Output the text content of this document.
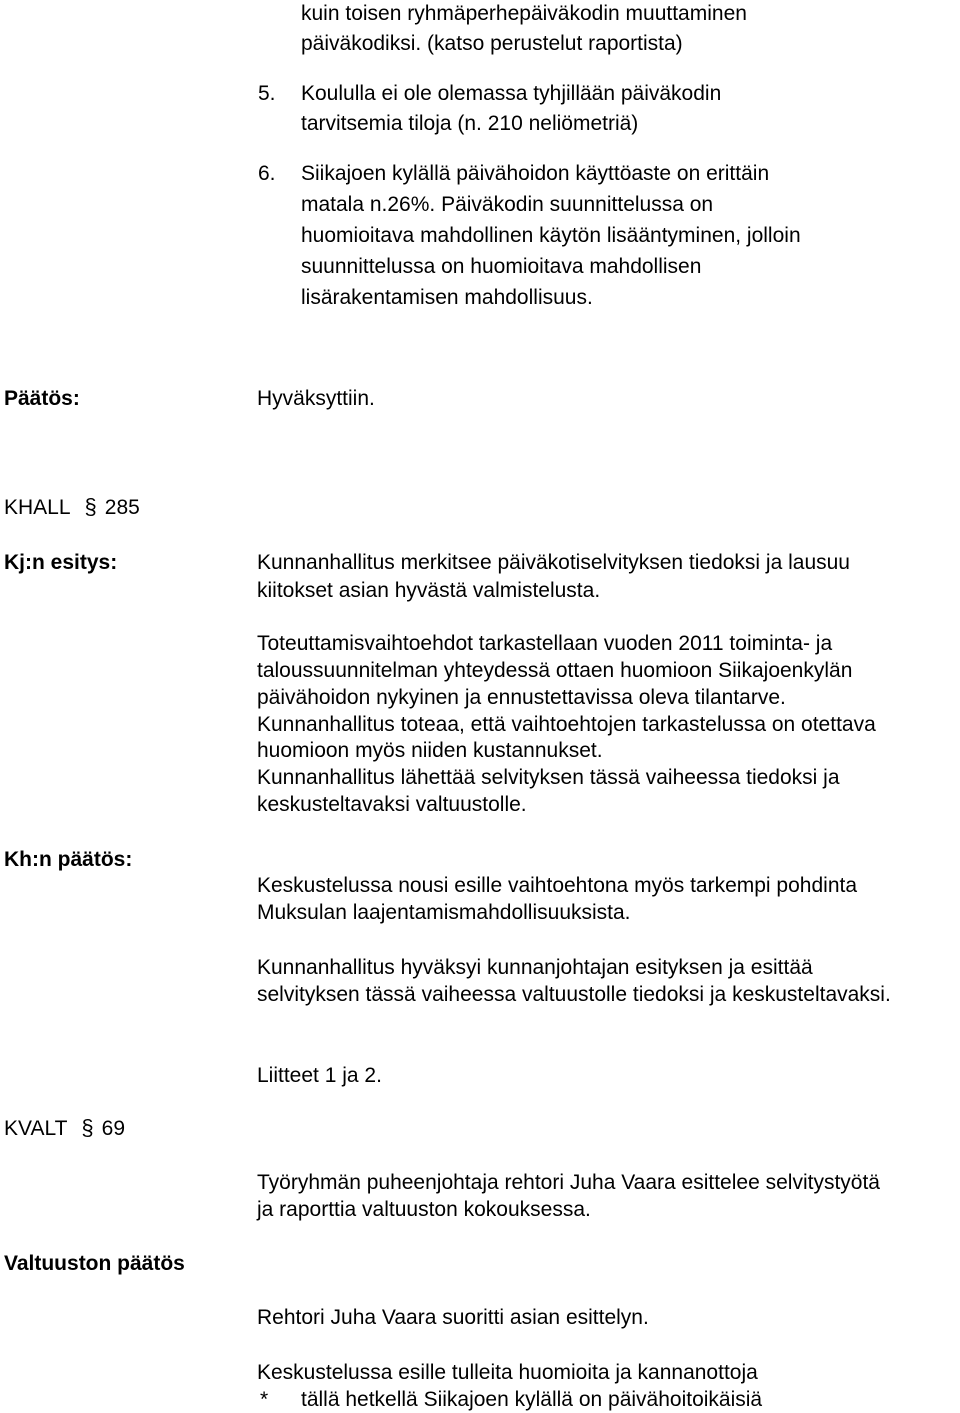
kuin toisen ryhmäperhepäiväkodin muuttaminen
päiväkodiksi. (katso perustelut raportista)
5. Koululla ei ole olemassa tyhjillään päiväkodin
tarvitsemia tiloja (n. 210 neliömetriä)
6. Siikajoen kylällä päivähoidon käyttöaste on erittäin
matala n.26%. Päiväkodin suunnittelussa on
huomioitava mahdollinen käytön lisääntyminen, jolloin
suunnittelussa on huomioitava mahdollisen
lisärakentamisen mahdollisuus.
Päätös:	Hyväksyttiin.
KHALL § 285
Kj:n esitys:	Kunnanhallitus merkitsee päiväkotiselvityksen tiedoksi ja lausuu
kiitokset asian hyvästä valmistelusta.
Toteuttamisvaihtoehdot tarkastellaan vuoden 2011 toiminta- ja
taloussuunnitelman yhteydessä ottaen huomioon Siikajoenkylän
päivähoidon nykyinen ja ennustettavissa oleva tilantarve.
Kunnanhallitus toteaa, että vaihtoehtojen tarkastelussa on otettava
huomioon myös niiden kustannukset.
Kunnanhallitus lähettää selvityksen tässä vaiheessa tiedoksi ja
keskusteltavaksi valtuustolle.
Kh:n päätös:
Keskustelussa nousi esille vaihtoehtona myös tarkempi pohdinta
Muksulan laajentamismahdollisuuksista.
Kunnanhallitus hyväksyi kunnanjohtajan esityksen ja esittää
selvityksen tässä vaiheessa valtuustolle tiedoksi ja keskusteltavaksi.
Liitteet 1 ja 2.
KVALT § 69
Työryhmän puheenjohtaja rehtori Juha Vaara esittelee selvitystyötä
ja raporttia valtuuston kokouksessa.
Valtuuston päätös
Rehtori Juha Vaara suoritti asian esittelyn.
Keskustelussa esille tulleita huomioita ja kannanottoja
* tällä hetkellä Siikajoen kylällä on päivähoitoikäisiä
